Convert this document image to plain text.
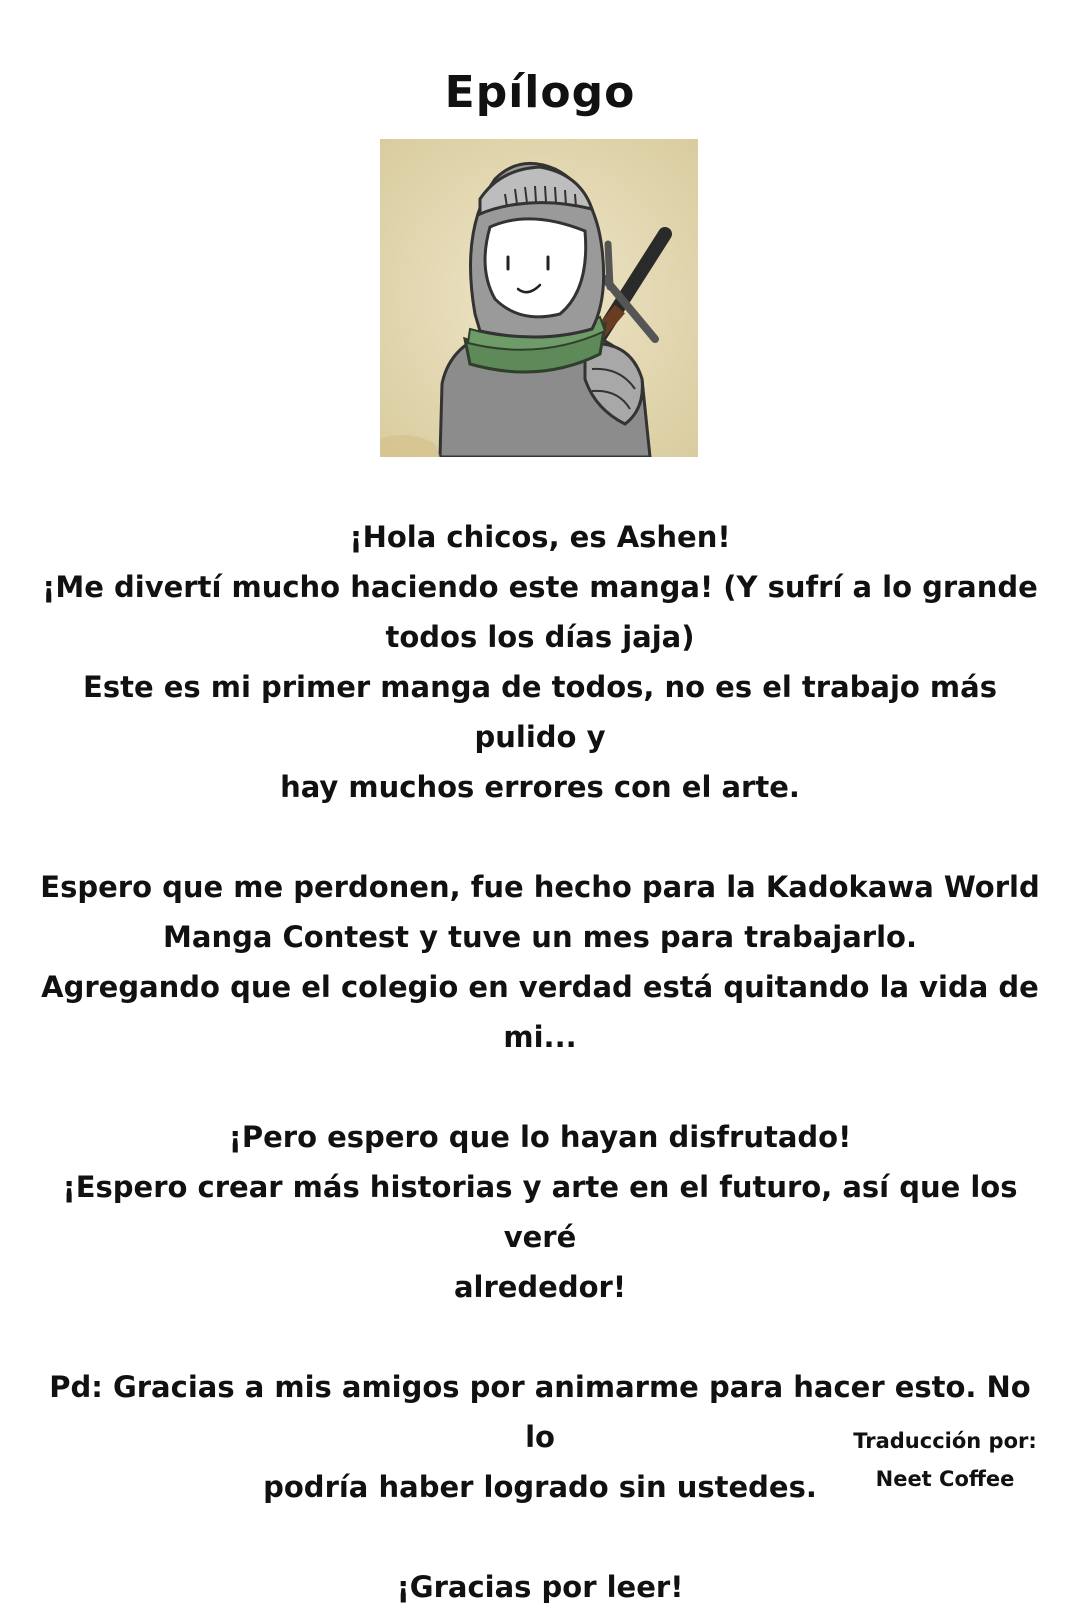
Epílogo

¡Hola chicos, es Ashen!
¡Me divertí mucho haciendo este manga! (Y sufrí a lo grande
todos los días jaja)
Este es mi primer manga de todos, no es el trabajo más pulido y
hay muchos errores con el arte.

Espero que me perdonen, fue hecho para la Kadokawa World
Manga Contest y tuve un mes para trabajarlo.
Agregando que el colegio en verdad está quitando la vida de mi...

¡Pero espero que lo hayan disfrutado!
¡Espero crear más historias y arte en el futuro, así que los veré
alrededor!

Pd: Gracias a mis amigos por animarme para hacer esto. No lo
podría haber logrado sin ustedes.

¡Gracias por leer!

Traducción por:
Neet Coffee
